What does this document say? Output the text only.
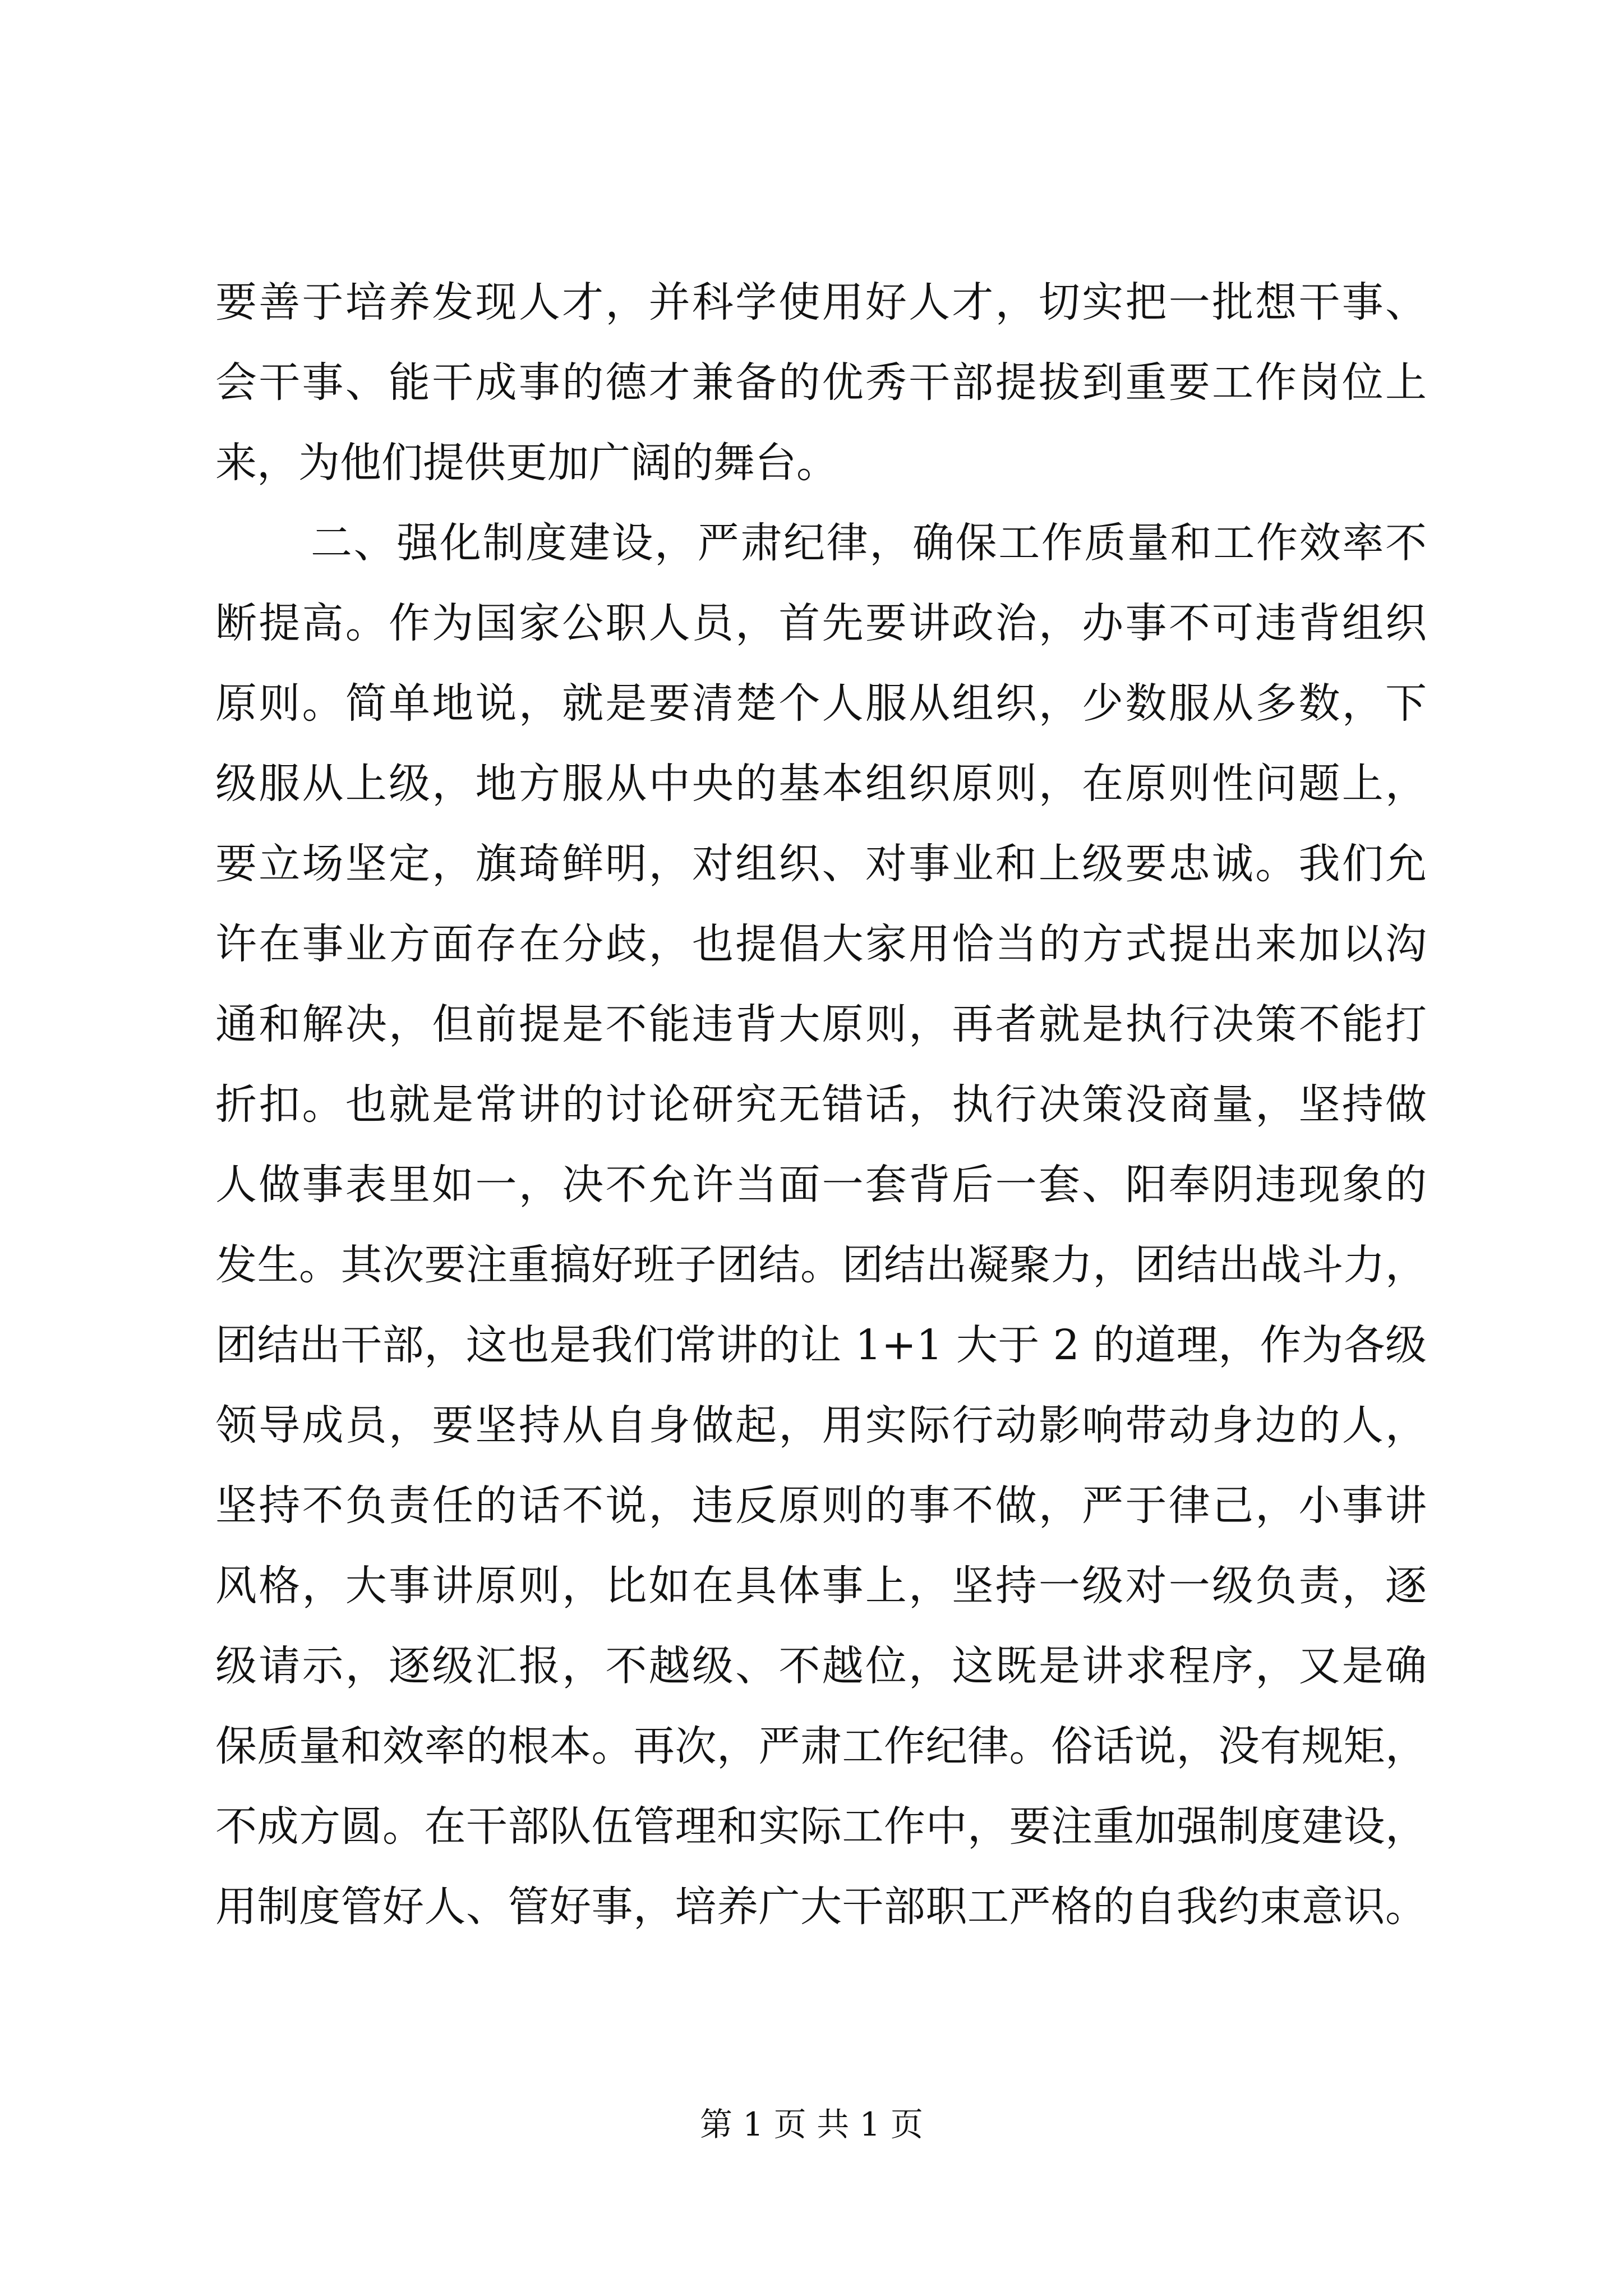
要善于培养发现人才，并科学使用好人才，切实把一批想干事、
会干事、能干成事的德才兼备的优秀干部提拔到重要工作岗位上
来，为他们提供更加广阔的舞台。
二、强化制度建设，严肃纪律，确保工作质量和工作效率不
断提高。作为国家公职人员，首先要讲政治，办事不可违背组织
原则。简单地说，就是要清楚个人服从组织，少数服从多数，下
级服从上级，地方服从中央的基本组织原则，在原则性问题上，
要立场坚定，旗琦鲜明，对组织、对事业和上级要忠诚。我们允
许在事业方面存在分歧，也提倡大家用恰当的方式提出来加以沟
通和解决，但前提是不能违背大原则，再者就是执行决策不能打
折扣。也就是常讲的讨论研究无错话，执行决策没商量，坚持做
人做事表里如一，决不允许当面一套背后一套、阳奉阴违现象的
发生。其次要注重搞好班子团结。团结出凝聚力，团结出战斗力，
团结出干部，这也是我们常讲的让 1+1 大于 2 的道理，作为各级
领导成员，要坚持从自身做起，用实际行动影响带动身边的人，
坚持不负责任的话不说，违反原则的事不做，严于律己，小事讲
风格，大事讲原则，比如在具体事上，坚持一级对一级负责，逐
级请示，逐级汇报，不越级、不越位，这既是讲求程序，又是确
保质量和效率的根本。再次，严肃工作纪律。俗话说，没有规矩，
不成方圆。在干部队伍管理和实际工作中，要注重加强制度建设，
用制度管好人、管好事，培养广大干部职工严格的自我约束意识。
第 1 页 共 1 页
